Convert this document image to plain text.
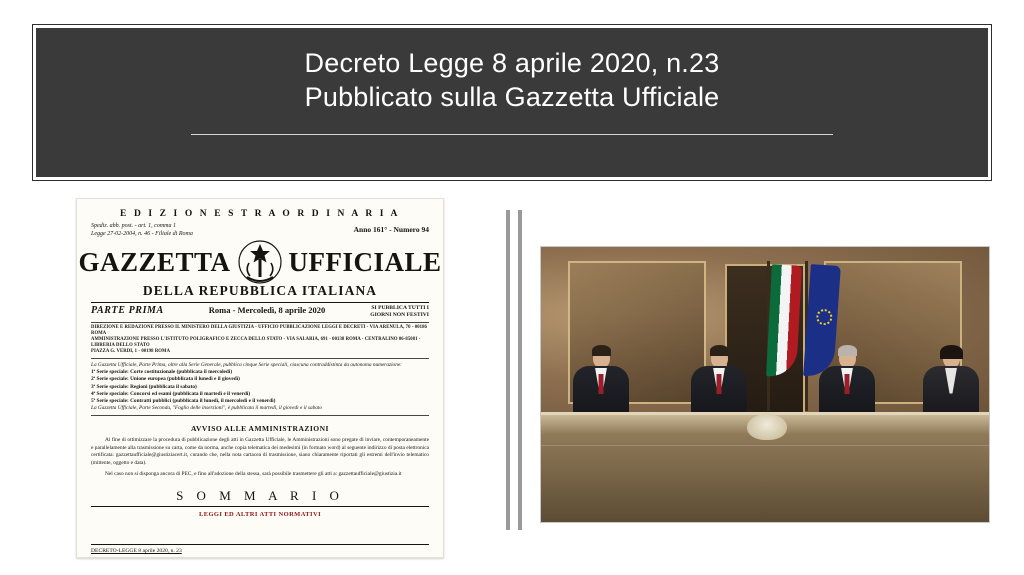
Decreto Legge 8 aprile 2020, n.23
Pubblicato sulla Gazzetta Ufficiale
E D I Z I O N E S T R A O R D I N A R I A
Spediz. abb. post. - art. 1, comma 1
Legge 27-02-2004, n. 46 - Filiale di Roma	Anno 161° - Numero 94
GAZZETTA UFFICIALE
DELLA REPUBBLICA ITALIANA
PARTE PRIMA	Roma - Mercoledì, 8 aprile 2020	SI PUBBLICA TUTTI I
GIORNI NON FESTIVI
DIREZIONE E REDAZIONE PRESSO IL MINISTERO DELLA GIUSTIZIA - UFFICIO PUBBLICAZIONE LEGGI E DECRETI - VIA ARENULA, 70 - 00186 ROMA
AMMINISTRAZIONE PRESSO L'ISTITUTO POLIGRAFICO E ZECCA DELLO STATO - VIA SALARIA, 691 - 00138 ROMA - CENTRALINO 06-85081 - LIBRERIA DELLO STATO
PIAZZA G. VERDI, 1 - 00198 ROMA
La Gazzetta Ufficiale, Parte Prima, oltre alla Serie Generale, pubblica cinque Serie speciali, ciascuna contraddistinta da autonoma numerazione:
1ª Serie speciale: Corte costituzionale (pubblicata il mercoledì)
2ª Serie speciale: Unione europea (pubblicata il lunedì e il giovedì)
3ª Serie speciale: Regioni (pubblicata il sabato)
4ª Serie speciale: Concorsi ed esami (pubblicata il martedì e il venerdì)
5ª Serie speciale: Contratti pubblici (pubblicata il lunedì, il mercoledì e il venerdì)
La Gazzetta Ufficiale, Parte Seconda, "Foglio delle inserzioni", è pubblicata il martedì, il giovedì e il sabato
AVVISO ALLE AMMINISTRAZIONI

Al fine di ottimizzare la procedura di pubblicazione degli atti in Gazzetta Ufficiale, le Amministrazioni sono pregate di inviare, contemporaneamente e parallelamente alla trasmissione su carta, come da norma, anche copia telematica dei medesimi (in formato word) al seguente indirizzo di posta elettronica certificata: gazzettaufficiale@giustiziacert.it, curando che, nella nota cartacea di trasmissione, siano chiaramente riportati gli estremi dell'invio telematico (mittente, oggetto e data).

Nel caso non si disponga ancora di PEC, e fino all'adozione della stessa, sarà possibile trasmettere gli atti a: gazzettaufficiale@giustizia.it

S O M M A R I O
LEGGI ED ALTRI ATTI NORMATIVI
DECRETO-LEGGE 8 aprile 2020, n. 23
